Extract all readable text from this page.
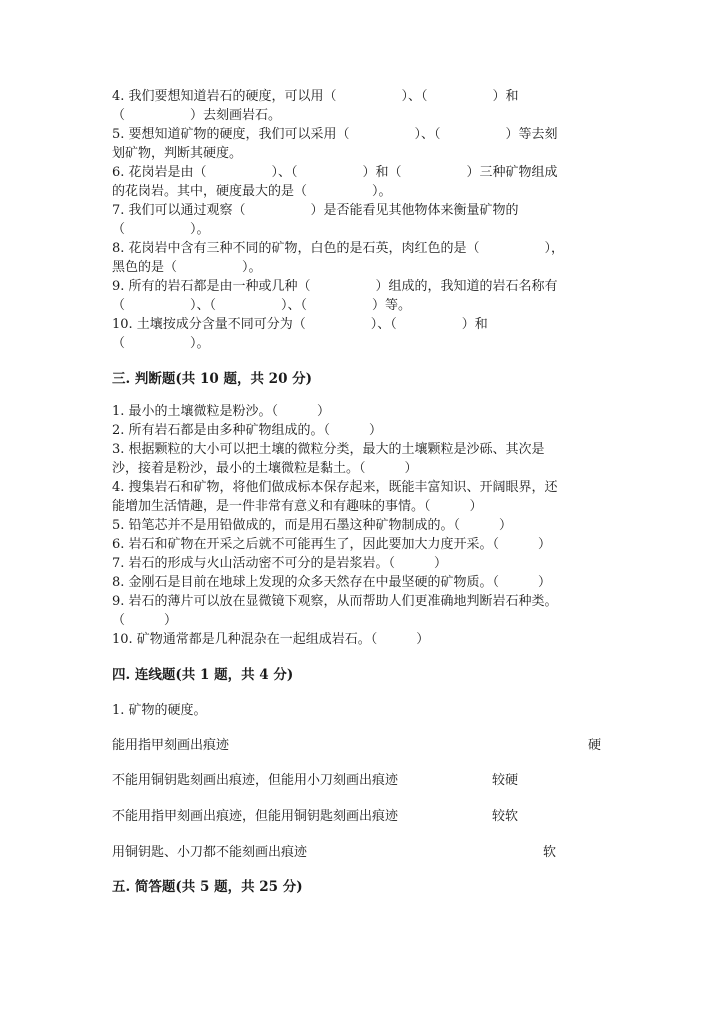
4. 我们要想知道岩石的硬度，可以用（　　　　　）、（　　　　　）和
（　　　　　）去刻画岩石。
5. 要想知道矿物的硬度，我们可以采用（　　　　　）、（　　　　　）等去刻
划矿物，判断其硬度。
6. 花岗岩是由（　　　　　）、（　　　　　）和（　　　　　）三种矿物组成
的花岗岩。其中，硬度最大的是（　　　　　）。
7. 我们可以通过观察（　　　　　）是否能看见其他物体来衡量矿物的
（　　　　　）。
8. 花岗岩中含有三种不同的矿物，白色的是石英，肉红色的是（　　　　　），
黑色的是（　　　　　）。
9. 所有的岩石都是由一种或几种（　　　　　）组成的，我知道的岩石名称有
（　　　　　）、（　　　　　）、（　　　　　）等。
10. 土壤按成分含量不同可分为（　　　　　）、（　　　　　）和
（　　　　　）。
三. 判断题(共 10 题，共 20 分)
1. 最小的土壤微粒是粉沙。（　　　）
2. 所有岩石都是由多种矿物组成的。（　　　）
3. 根据颗粒的大小可以把土壤的微粒分类，最大的土壤颗粒是沙砾、其次是
沙，接着是粉沙，最小的土壤微粒是黏土。（　　　）
4. 搜集岩石和矿物，将他们做成标本保存起来，既能丰富知识、开阔眼界，还
能增加生活情趣，是一件非常有意义和有趣味的事情。（　　　）
5. 铅笔芯并不是用铅做成的，而是用石墨这种矿物制成的。（　　　）
6. 岩石和矿物在开采之后就不可能再生了，因此要加大力度开采。（　　　）
7. 岩石的形成与火山活动密不可分的是岩浆岩。（　　　）
8. 金刚石是目前在地球上发现的众多天然存在中最坚硬的矿物质。（　　　）
9. 岩石的薄片可以放在显微镜下观察，从而帮助人们更准确地判断岩石种类。
（　　　）
10. 矿物通常都是几种混杂在一起组成岩石。（　　　）
四. 连线题(共 1 题，共 4 分)
1. 矿物的硬度。
能用指甲刻画出痕迹	硬
不能用铜钥匙刻画出痕迹，但能用小刀刻画出痕迹	较硬
不能用指甲刻画出痕迹，但能用铜钥匙刻画出痕迹	较软
用铜钥匙、小刀都不能刻画出痕迹	软
五. 简答题(共 5 题，共 25 分)
